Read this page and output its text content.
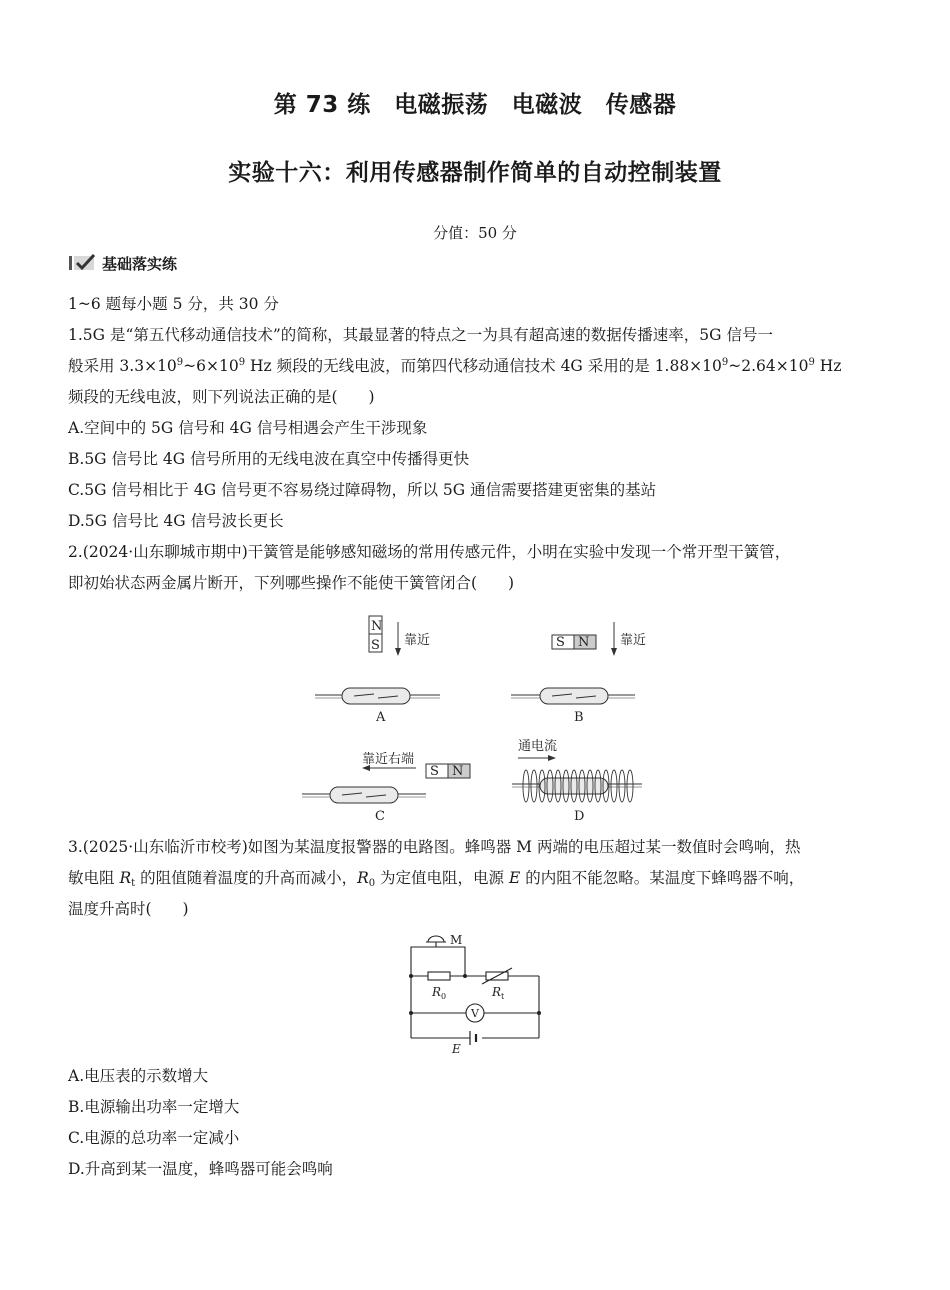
第 73 练　电磁振荡　电磁波　传感器
实验十六：利用传感器制作简单的自动控制装置
分值：50 分
基础落实练
1~6 题每小题 5 分，共 30 分
1.5G 是“第五代移动通信技术”的简称，其最显著的特点之一为具有超高速的数据传播速率，5G 信号一
般采用 $3.3\times 10^9\sim 6\times 10^9$ Hz 频段的无线电波，而第四代移动通信技术 4G 采用的是 $1.88\times 10^9\sim 2.64\times 10^9$ Hz
频段的无线电波，则下列说法正确的是(　　)
A.空间中的 5G 信号和 4G 信号相遇会产生干涉现象
B.5G 信号比 4G 信号所用的无线电波在真空中传播得更快
C.5G 信号相比于 4G 信号更不容易绕过障碍物，所以 5G 通信需要搭建更密集的基站
D.5G 信号比 4G 信号波长更长
2.(2024·山东聊城市期中)干簧管是能够感知磁场的常用传感元件，小明在实验中发现一个常开型干簧管，
即初始状态两金属片断开，下列哪些操作不能使干簧管闭合(　　)
N
S 靠近
A
S N 靠近
B
靠近右端
S N
C
通电流
D
3.(2025·山东临沂市校考)如图为某温度报警器的电路图。蜂鸣器 M 两端的电压超过某一数值时会鸣响，热
敏电阻 $R_t$ 的阻值随着温度的升高而减小，$R_0$ 为定值电阻，电源 E 的内阻不能忽略。某温度下蜂鸣器不响，
温度升高时(　　)
M
R 0	R t
V
E
A.电压表的示数增大
B.电源输出功率一定增大
C.电源的总功率一定减小
D.升高到某一温度，蜂鸣器可能会鸣响
